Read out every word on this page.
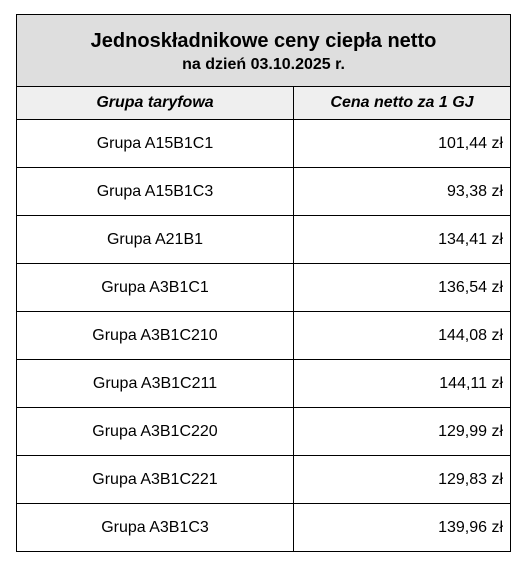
Jednoskładnikowe ceny ciepła netto
na dzień 03.10.2025 r.	

Grupa taryfowa	Cena netto za 1 GJ
Grupa A15B1C1	101,44 zł
Grupa A15B1C3	93,38 zł
Grupa A21B1	134,41 zł
Grupa A3B1C1	136,54 zł
Grupa A3B1C210	144,08 zł
Grupa A3B1C211	144,11 zł
Grupa A3B1C220	129,99 zł
Grupa A3B1C221	129,83 zł
Grupa A3B1C3	139,96 zł
